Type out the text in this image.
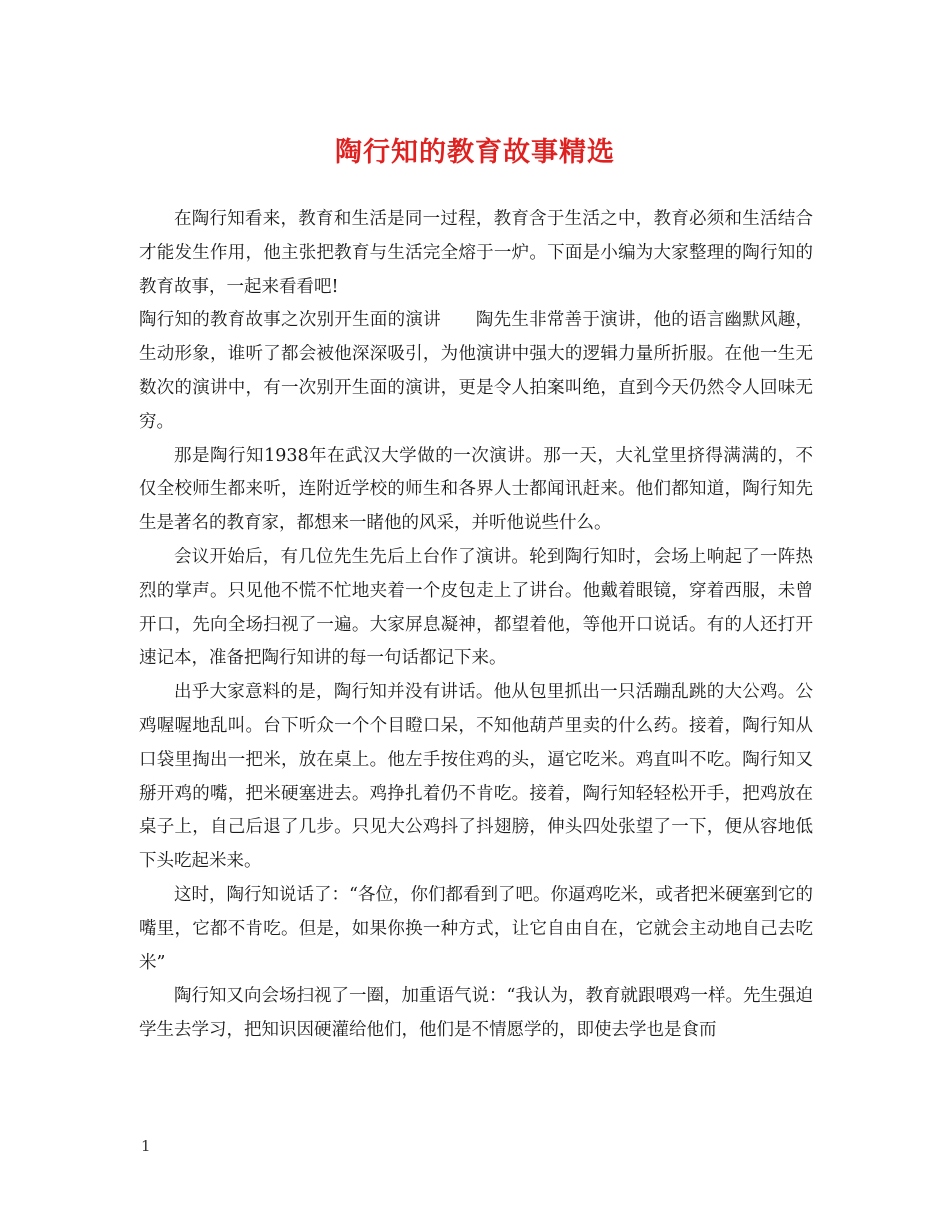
陶行知的教育故事精选

在陶行知看来，教育和生活是同一过程，教育含于生活之中，教育必须和生活结合才能发生作用，他主张把教育与生活完全熔于一炉。下面是小编为大家整理的陶行知的教育故事，一起来看看吧!

陶行知的教育故事之次别开生面的演讲 陶先生非常善于演讲，他的语言幽默风趣，生动形象，谁听了都会被他深深吸引，为他演讲中强大的逻辑力量所折服。在他一生无数次的演讲中，有一次别开生面的演讲，更是令人拍案叫绝，直到今天仍然令人回味无穷。

那是陶行知1938年在武汉大学做的一次演讲。那一天，大礼堂里挤得满满的，不仅全校师生都来听，连附近学校的师生和各界人士都闻讯赶来。他们都知道，陶行知先生是著名的教育家，都想来一睹他的风采，并听他说些什么。

会议开始后，有几位先生先后上台作了演讲。轮到陶行知时，会场上响起了一阵热烈的掌声。只见他不慌不忙地夹着一个皮包走上了讲台。他戴着眼镜，穿着西服，未曾开口，先向全场扫视了一遍。大家屏息凝神，都望着他，等他开口说话。有的人还打开速记本，准备把陶行知讲的每一句话都记下来。

出乎大家意料的是，陶行知并没有讲话。他从包里抓出一只活蹦乱跳的大公鸡。公鸡喔喔地乱叫。台下听众一个个目瞪口呆，不知他葫芦里卖的什么药。接着，陶行知从口袋里掏出一把米，放在桌上。他左手按住鸡的头，逼它吃米。鸡直叫不吃。陶行知又掰开鸡的嘴，把米硬塞进去。鸡挣扎着仍不肯吃。接着，陶行知轻轻松开手，把鸡放在桌子上，自己后退了几步。只见大公鸡抖了抖翅膀，伸头四处张望了一下，便从容地低下头吃起米来。

这时，陶行知说话了：“各位，你们都看到了吧。你逼鸡吃米，或者把米硬塞到它的嘴里，它都不肯吃。但是，如果你换一种方式，让它自由自在，它就会主动地自己去吃米”

陶行知又向会场扫视了一圈，加重语气说：“我认为，教育就跟喂鸡一样。先生强迫学生去学习，把知识因硬灌给他们，他们是不情愿学的，即使去学也是食而

1
